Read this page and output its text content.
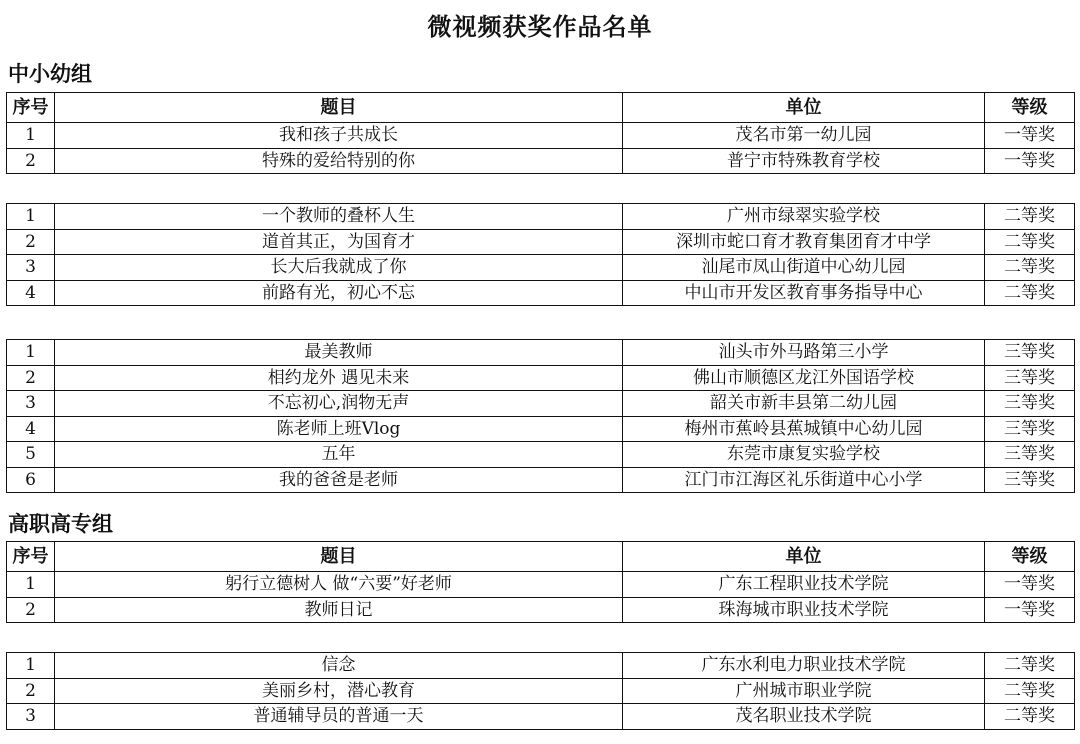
微视频获奖作品名单
中小幼组
序号	题目	单位	等级
1	我和孩子共成长	茂名市第一幼儿园	一等奖
2	特殊的爱给特别的你	普宁市特殊教育学校	一等奖
1	一个教师的叠杯人生	广州市绿翠实验学校	二等奖
2	道首其正，为国育才	深圳市蛇口育才教育集团育才中学	二等奖
3	长大后我就成了你	汕尾市凤山街道中心幼儿园	二等奖
4	前路有光，初心不忘	中山市开发区教育事务指导中心	二等奖
1	最美教师	汕头市外马路第三小学	三等奖
2	相约龙外 遇见未来	佛山市顺德区龙江外国语学校	三等奖
3	不忘初心,润物无声	韶关市新丰县第二幼儿园	三等奖
4	陈老师上班Vlog	梅州市蕉岭县蕉城镇中心幼儿园	三等奖
5	五年	东莞市康复实验学校	三等奖
6	我的爸爸是老师	江门市江海区礼乐街道中心小学	三等奖
高职高专组
序号	题目	单位	等级
1	躬行立德树人 做“六要”好老师	广东工程职业技术学院	一等奖
2	教师日记	珠海城市职业技术学院	一等奖
1	信念	广东水利电力职业技术学院	二等奖
2	美丽乡村，潜心教育	广州城市职业学院	二等奖
3	普通辅导员的普通一天	茂名职业技术学院	二等奖
